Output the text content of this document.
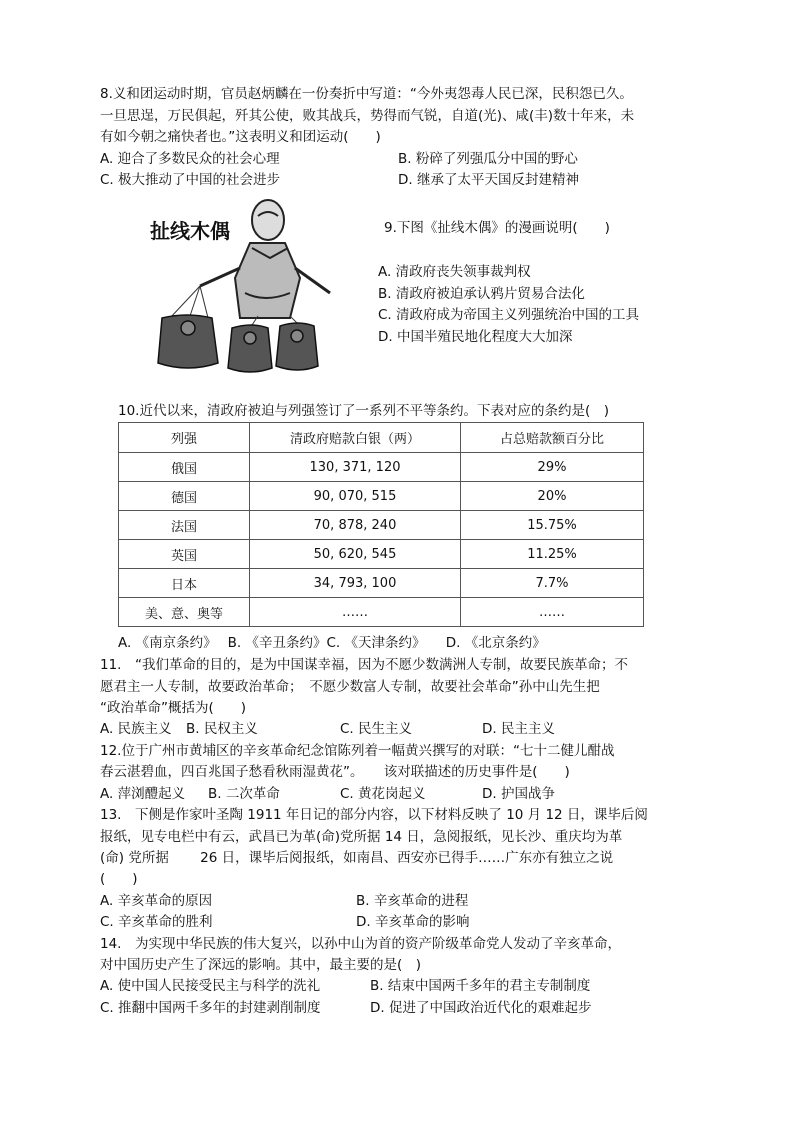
8.义和团运动时期，官员赵炳麟在一份奏折中写道：“今外夷怨毒人民已深，民积怨已久。
一旦思逞，万民俱起，歼其公使，败其战兵，势得而气锐，自道(光)、咸(丰)数十年来，未
有如今朝之痛快者也。”这表明义和团运动(　　)
A. 迎合了多数民众的社会心理	B. 粉碎了列强瓜分中国的野心
C. 极大推动了中国的社会进步	D. 继承了太平天国反封建精神
扯线木偶	9.下图《扯线木偶》的漫画说明(　　)
A. 清政府丧失领事裁判权
B. 清政府被迫承认鸦片贸易合法化
C. 清政府成为帝国主义列强统治中国的工具
D. 中国半殖民地化程度大大加深
10.近代以来，清政府被迫与列强签订了一系列不平等条约。下表对应的条约是(　)
列强	清政府赔款白银（两）	占总赔款额百分比
俄国	130, 371, 120	29%
德国	90, 070, 515	20%
法国	70, 878, 240	15.75%
英国	50, 620, 545	11.25%
日本	34, 793, 100	7.7%
美、意、奥等	……	……
A. 《南京条约》　 B. 《辛丑条约》C. 《天津条约》　　D. 《北京条约》
11.　“我们革命的目的，是为中国谋幸福，因为不愿少数满洲人专制，故要民族革命；不
愿君主一人专制，故要政治革命；　不愿少数富人专制，故要社会革命”孙中山先生把
“政治革命”概括为(　　)
A. 民族主义 B. 民权主义	C. 民生主义	D. 民主主义
12.位于广州市黄埔区的辛亥革命纪念馆陈列着一幅黄兴撰写的对联：“七十二健儿酣战
春云湛碧血，四百兆国子愁看秋雨湿黄花”。　　该对联描述的历史事件是(　　)
A. 萍浏醴起义 B. 二次革命	C. 黄花岗起义	D. 护国战争
13.　下侧是作家叶圣陶 1911 年日记的部分内容，以下材料反映了 10 月 12 日，课毕后阅
报纸，见专电栏中有云，武昌已为革(命)党所据 14 日，急阅报纸，见长沙、重庆均为革
(命) 党所据　　 26 日，课毕后阅报纸，如南昌、西安亦已得手……广东亦有独立之说
(　　)
A. 辛亥革命的原因	B. 辛亥革命的进程
C. 辛亥革命的胜利	D. 辛亥革命的影响
14.　为实现中华民族的伟大复兴，以孙中山为首的资产阶级革命党人发动了辛亥革命，
对中国历史产生了深远的影响。其中，最主要的是(　)
A. 使中国人民接受民主与科学的洗礼	B. 结束中国两千多年的君主专制制度
C. 推翻中国两千多年的封建剥削制度	D. 促进了中国政治近代化的艰难起步
